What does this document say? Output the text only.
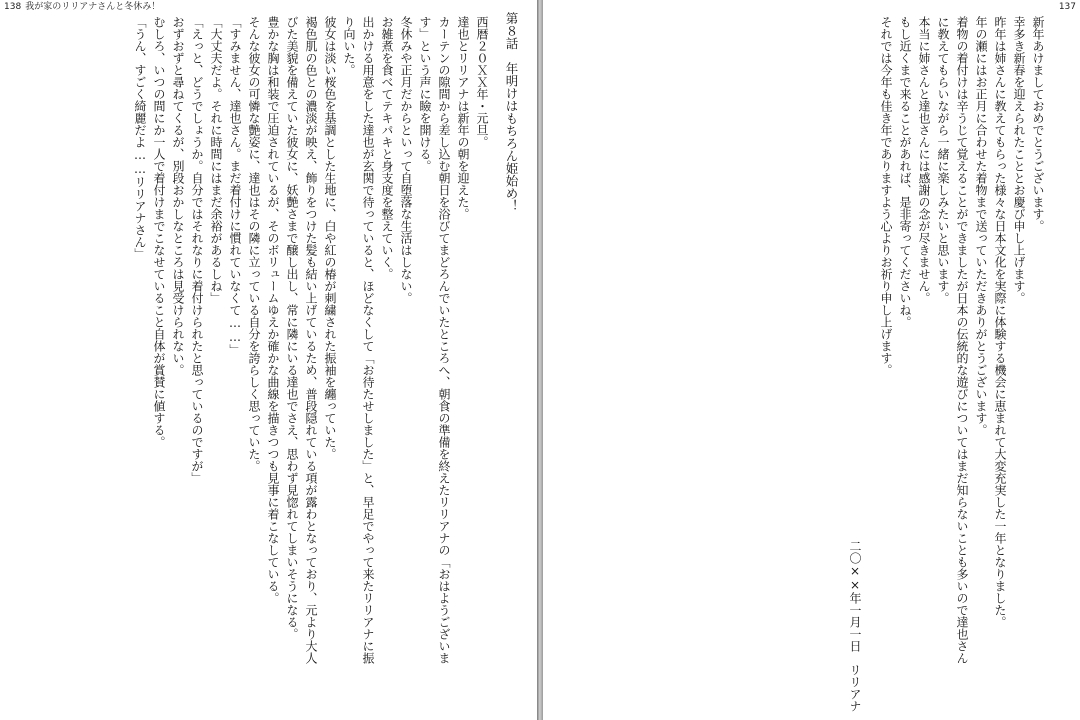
138 我が家のリリアナさんと冬休み！
第８話　年明けはもちろん姫始め！
西暦２０ＸＸ年・元旦。
達也とリリアナは新年の朝を迎えた。
カーテンの隙間から差し込む朝日を浴びてまどろんでいたところへ、朝食の準備を終えたリリアナの「おはようございま
す」という声に瞼を開ける。
冬休みや正月だからといって自堕落な生活はしない。
お雑煮を食べてテキパキと身支度を整えていく。
出かける用意をした達也が玄関で待っていると、ほどなくして「お待たせしました」と、早足でやって来たリリアナに振
り向いた。
彼女は淡い桜色を基調とした生地に、白や紅の椿が刺繍された振袖を纏っていた。
褐色肌の色との濃淡が映え、飾りをつけた髪も結い上げているため、普段隠れている項が露わとなっており、元より大人
びた美貌を備えていた彼女に、妖艶さまで醸し出し、常に隣にいる達也でさえ、思わず見惚れてしまいそうになる。
豊かな胸は和装で圧迫されているが、そのボリュームゆえか確かな曲線を描きつつも見事に着こなしている。
そんな彼女の可憐な艶姿に、達也はその隣に立っている自分を誇らしく思っていた。
「すみません、達也さん。まだ着付けに慣れていなくて……」
「大丈夫だよ。それに時間にはまだ余裕があるしね」
「えっと、どうでしょうか。自分ではそれなりに着付けられたと思っているのですが」
おずおずと尋ねてくるが、別段おかしなところは見受けられない。
むしろ、いつの間にか一人で着付けまでこなせていること自体が賞賛に値する。
「うん、すごく綺麗だよ……リリアナさん」
137
新年あけましておめでとうございます。
幸多き新春を迎えられたこととお慶び申し上げます。
昨年は姉さんに教えてもらった様々な日本文化を実際に体験する機会に恵まれて大変充実した一年となりました。
年の瀬にはお正月に合わせた着物まで送っていただきありがとうございます。
着物の着付けは辛うじて覚えることができましたが日本の伝統的な遊びについてはまだ知らないことも多いので達也さん
に教えてもらいながら一緒に楽しみたいと思います。
本当に姉さんと達也さんには感謝の念が尽きません。
もし近くまで来ることがあれば、是非寄ってくださいね。
それでは今年も佳き年でありますよう心よりお祈り申し上げます。
二〇××年一月一日　リリアナ
